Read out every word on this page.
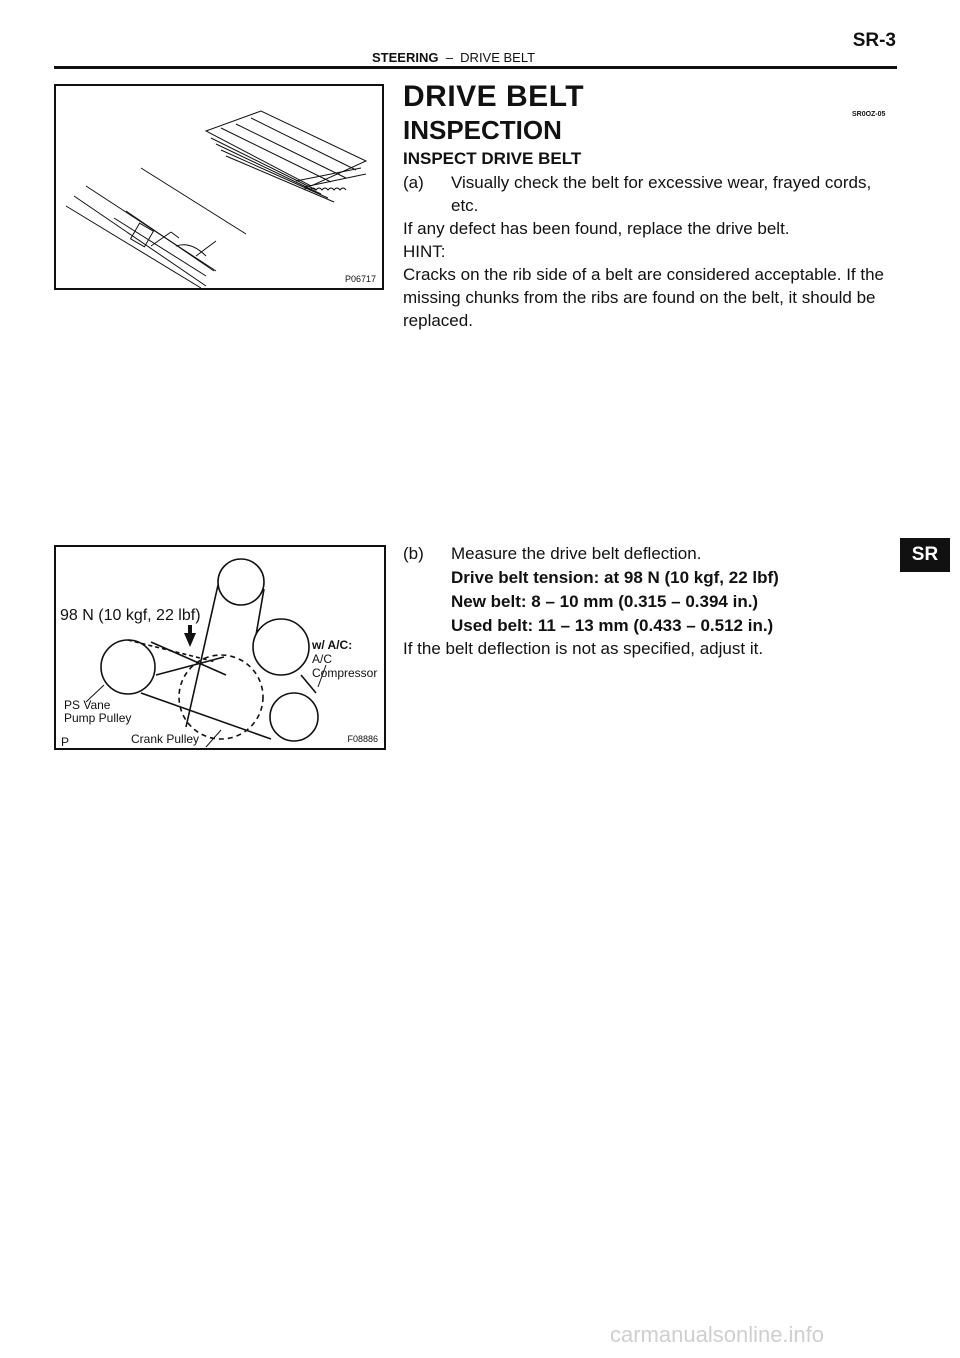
SR-3
STEERING – DRIVE BELT
P06717
98 N (10 kgf, 22 lbf)
w/ A/C:
A/C
Compressor
PS Vane
Pump Pulley
Crank Pulley
P	F08886
DRIVE BELT
INSPECTION
SR0OZ-05
INSPECT DRIVE BELT
(a) Visually check the belt for excessive wear, frayed cords,
etc.
If any defect has been found, replace the drive belt.
HINT:
Cracks on the rib side of a belt are considered acceptable. If the
missing chunks from the ribs are found on the belt, it should be
replaced.
(b) Measure the drive belt deflection.
Drive belt tension: at 98 N (10 kgf, 22 lbf)
New belt: 8 – 10 mm (0.315 – 0.394 in.)
Used belt: 11 – 13 mm (0.433 – 0.512 in.)
If the belt deflection is not as specified, adjust it.
SR
carmanualsonline.info
